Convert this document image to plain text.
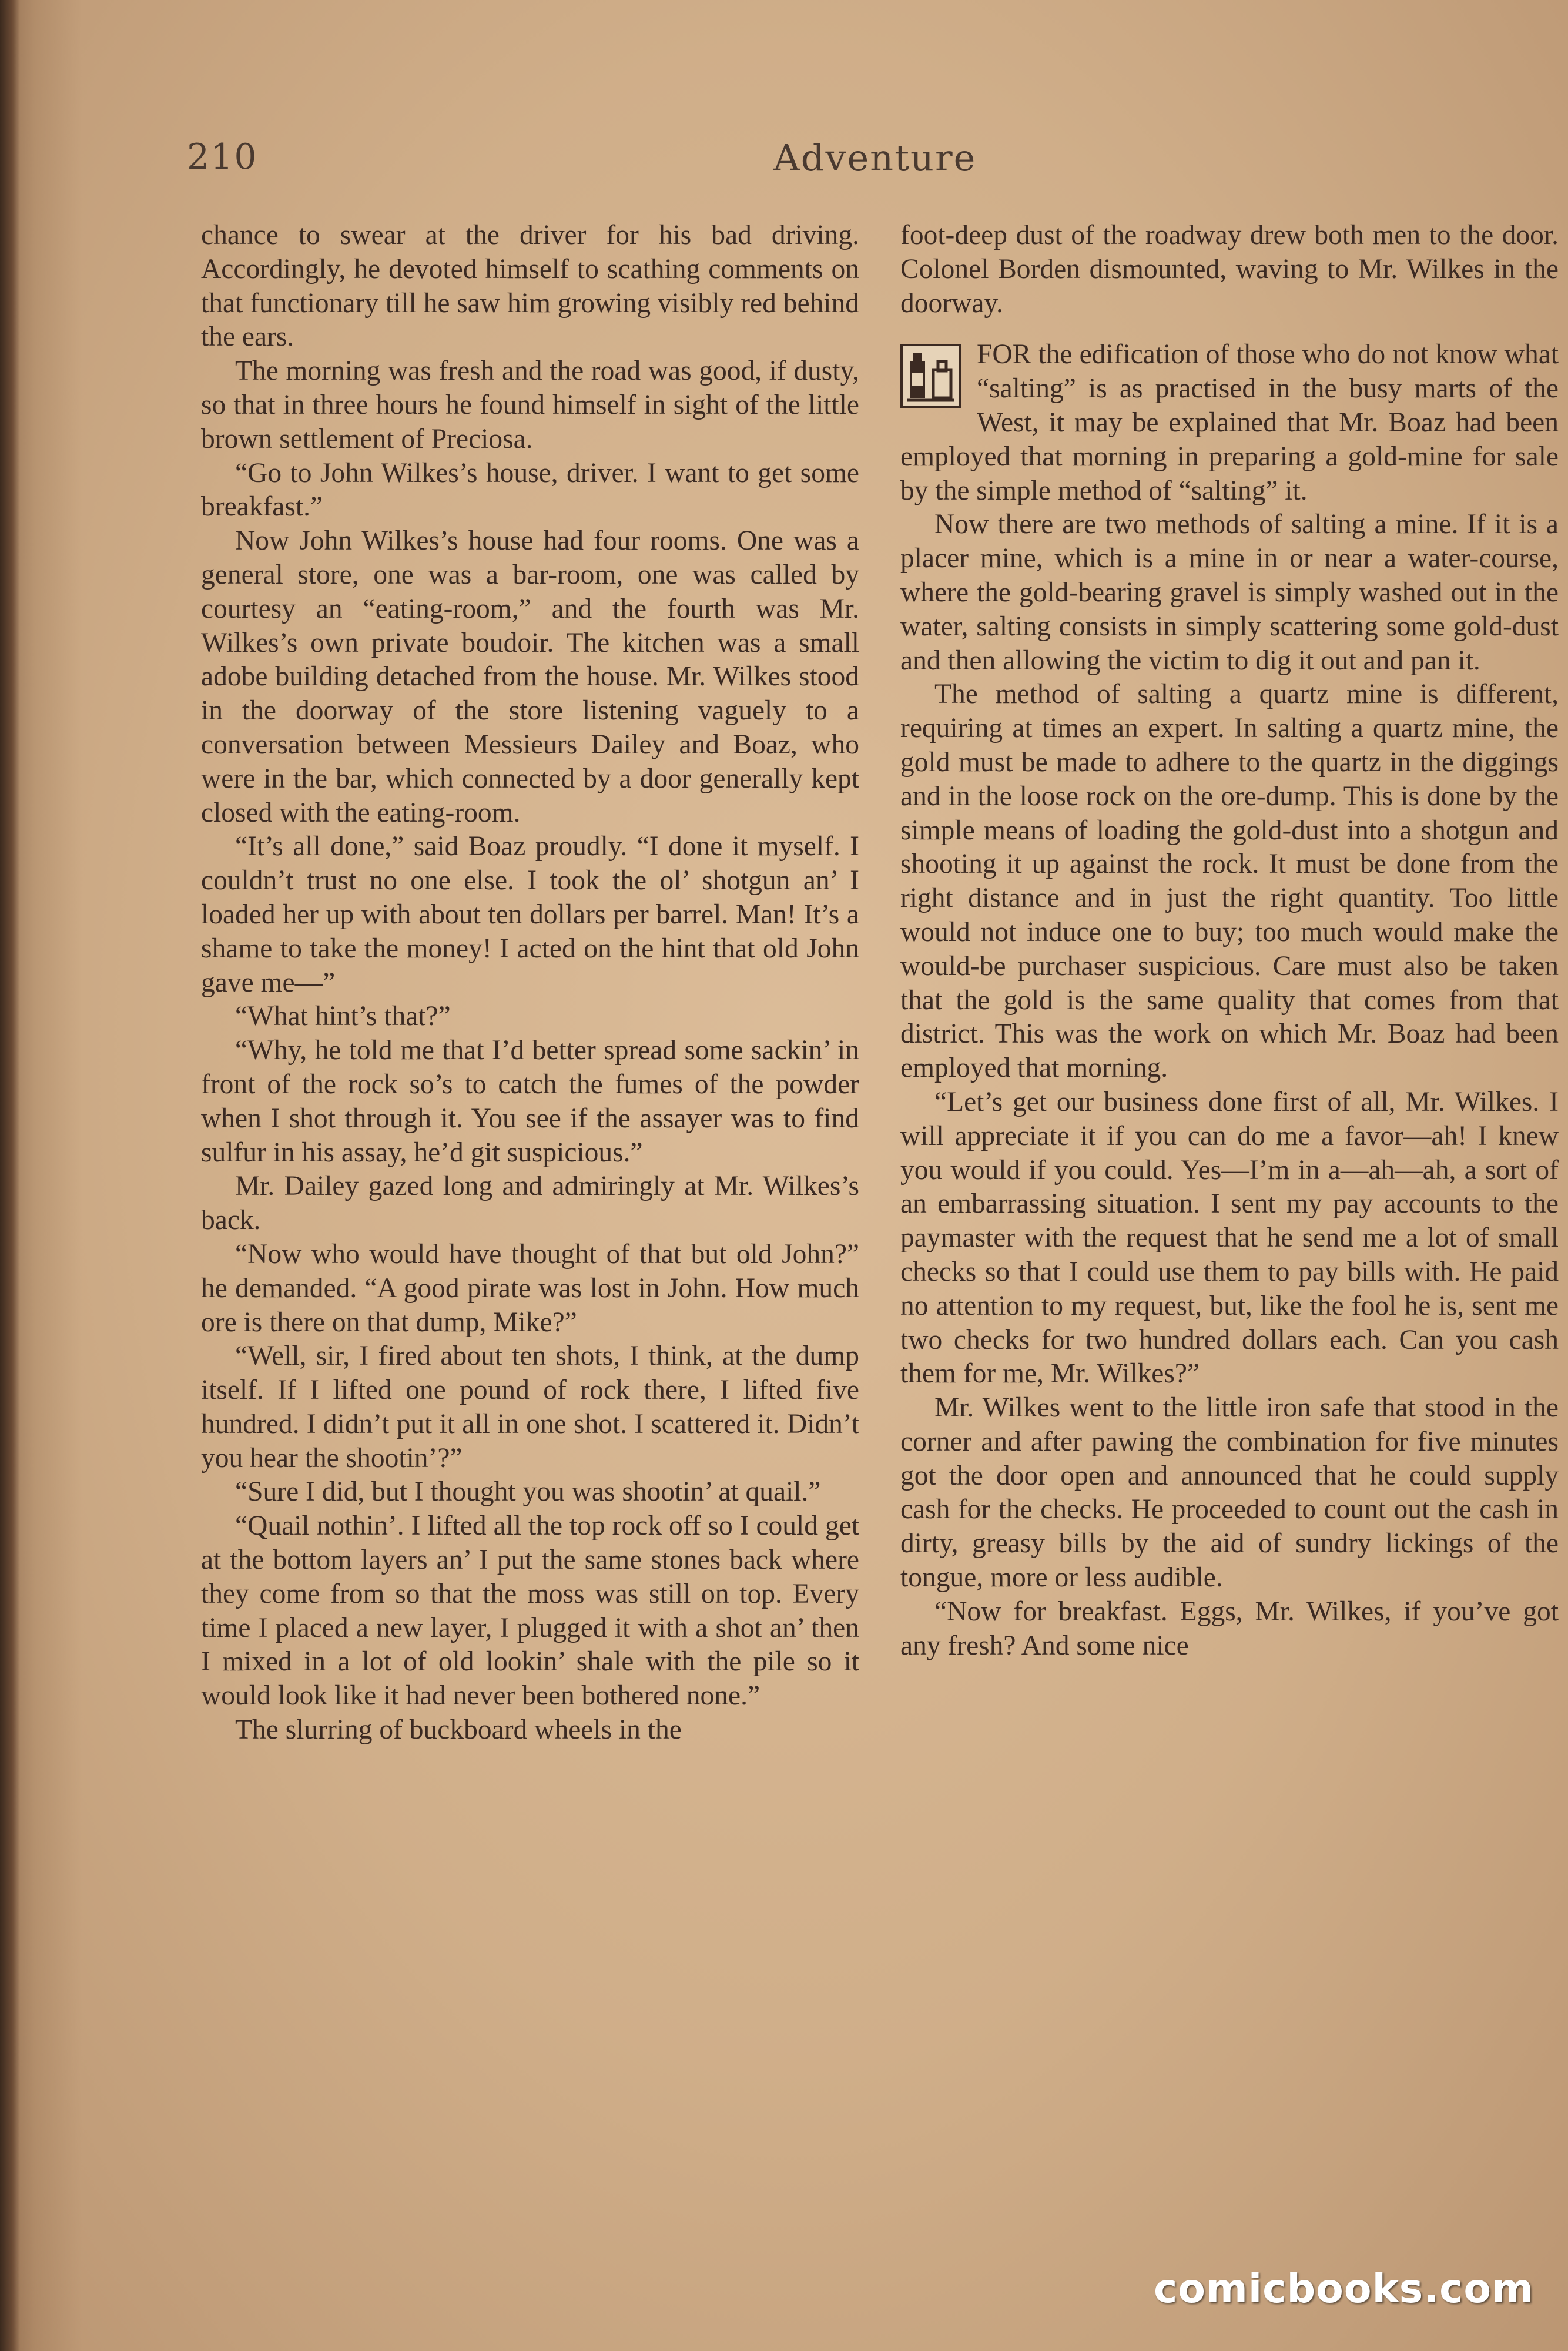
210	Adventure

chance to swear at the driver for his bad driving. Accordingly, he devoted himself to scathing comments on that functionary till he saw him growing visibly red behind the ears.

The morning was fresh and the road was good, if dusty, so that in three hours he found himself in sight of the little brown settlement of Preciosa.

“Go to John Wilkes’s house, driver. I want to get some breakfast.”

Now John Wilkes’s house had four rooms. One was a general store, one was a bar-room, one was called by courtesy an “eating-room,” and the fourth was Mr. Wilkes’s own private boudoir. The kitchen was a small adobe building detached from the house. Mr. Wilkes stood in the doorway of the store listening vaguely to a conversation between Messieurs Dailey and Boaz, who were in the bar, which connected by a door generally kept closed with the eating-room.

“It’s all done,” said Boaz proudly. “I done it myself. I couldn’t trust no one else. I took the ol’ shotgun an’ I loaded her up with about ten dollars per barrel. Man! It’s a shame to take the money! I acted on the hint that old John gave me—”

“What hint’s that?”

“Why, he told me that I’d better spread some sackin’ in front of the rock so’s to catch the fumes of the powder when I shot through it. You see if the assayer was to find sulfur in his assay, he’d git suspicious.”

Mr. Dailey gazed long and admiringly at Mr. Wilkes’s back.

“Now who would have thought of that but old John?” he demanded. “A good pirate was lost in John. How much ore is there on that dump, Mike?”

“Well, sir, I fired about ten shots, I think, at the dump itself. If I lifted one pound of rock there, I lifted five hundred. I didn’t put it all in one shot. I scattered it. Didn’t you hear the shootin’?”

“Sure I did, but I thought you was shootin’ at quail.”

“Quail nothin’. I lifted all the top rock off so I could get at the bottom layers an’ I put the same stones back where they come from so that the moss was still on top. Every time I placed a new layer, I plugged it with a shot an’ then I mixed in a lot of old lookin’ shale with the pile so it would look like it had never been bothered none.”

The slurring of buckboard wheels in the

foot-deep dust of the roadway drew both men to the door. Colonel Borden dismounted, waving to Mr. Wilkes in the doorway.

FOR the edification of those who do not know what “salting” is as practised in the busy marts of the West, it may be explained that Mr. Boaz had been employed that morning in preparing a gold-mine for sale by the simple method of “salting” it.

Now there are two methods of salting a mine. If it is a placer mine, which is a mine in or near a water-course, where the gold-bearing gravel is simply washed out in the water, salting consists in simply scattering some gold-dust and then allowing the victim to dig it out and pan it.

The method of salting a quartz mine is different, requiring at times an expert. In salting a quartz mine, the gold must be made to adhere to the quartz in the diggings and in the loose rock on the ore-dump. This is done by the simple means of loading the gold-dust into a shotgun and shooting it up against the rock. It must be done from the right distance and in just the right quantity. Too little would not induce one to buy; too much would make the would-be purchaser suspicious. Care must also be taken that the gold is the same quality that comes from that district. This was the work on which Mr. Boaz had been employed that morning.

“Let’s get our business done first of all, Mr. Wilkes. I will appreciate it if you can do me a favor—ah! I knew you would if you could. Yes—I’m in a—ah—ah, a sort of an embarrassing situation. I sent my pay accounts to the paymaster with the request that he send me a lot of small checks so that I could use them to pay bills with. He paid no attention to my request, but, like the fool he is, sent me two checks for two hundred dollars each. Can you cash them for me, Mr. Wilkes?”

Mr. Wilkes went to the little iron safe that stood in the corner and after pawing the combination for five minutes got the door open and announced that he could supply cash for the checks. He proceeded to count out the cash in dirty, greasy bills by the aid of sundry lickings of the tongue, more or less audible.

“Now for breakfast. Eggs, Mr. Wilkes, if you’ve got any fresh? And some nice

comicbooks.com
